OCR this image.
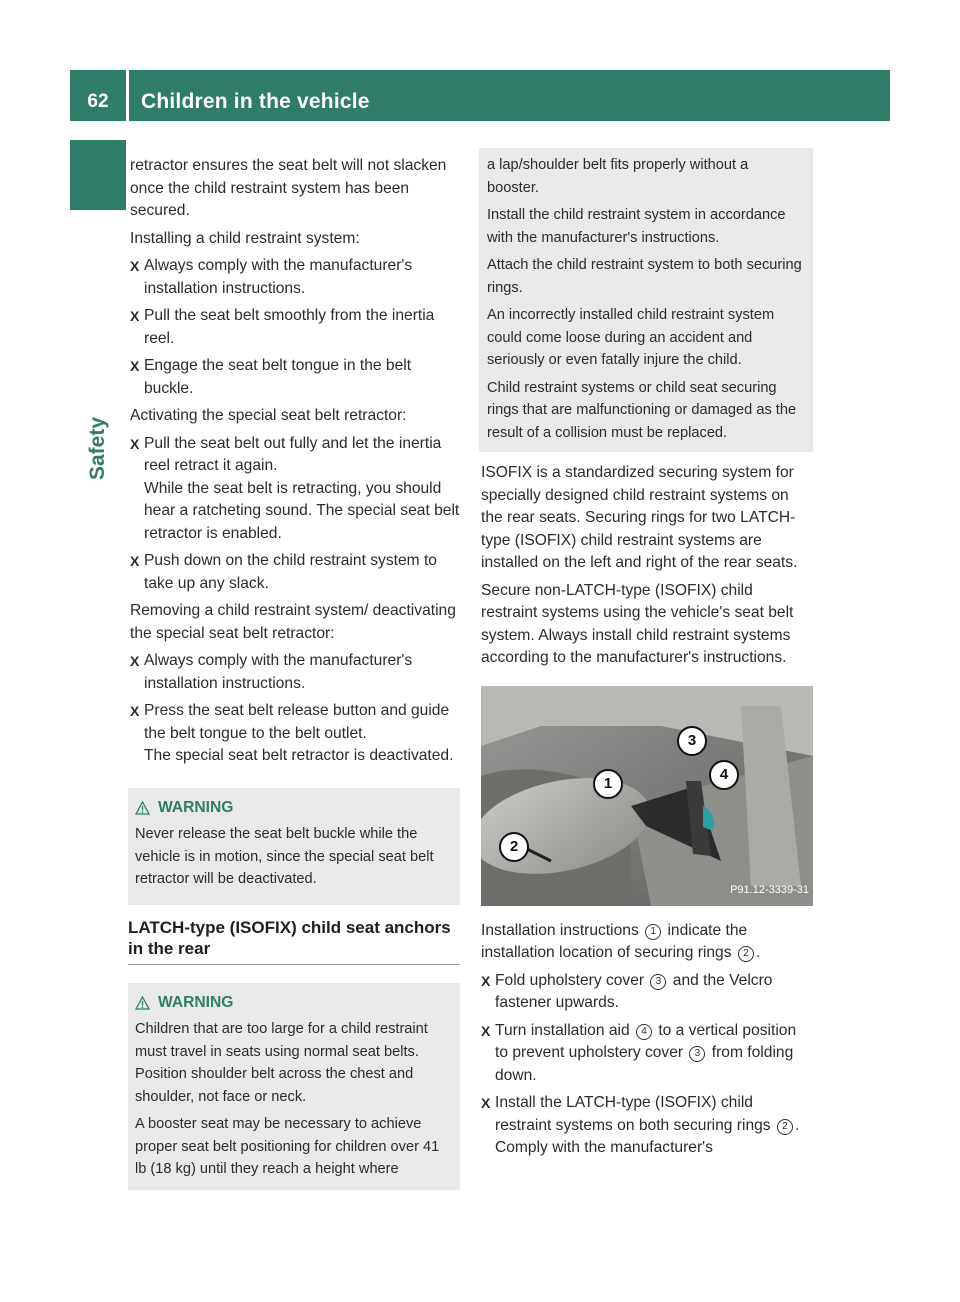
62	Children in the vehicle
Safety

retractor ensures the seat belt will not slacken once the child restraint system has been secured.

Installing a child restraint system:

X Always comply with the manufacturer's installation instructions.
X Pull the seat belt smoothly from the inertia reel.
X Engage the seat belt tongue in the belt buckle.

Activating the special seat belt retractor:

X Pull the seat belt out fully and let the inertia reel retract it again.
While the seat belt is retracting, you should hear a ratcheting sound. The special seat belt retractor is enabled.
X Push down on the child restraint system to take up any slack.

Removing a child restraint system/ deactivating the special seat belt retractor:

X Always comply with the manufacturer's installation instructions.
X Press the seat belt release button and guide the belt tongue to the belt outlet.
The special seat belt retractor is deactivated.
WARNING

Never release the seat belt buckle while the vehicle is in motion, since the special seat belt retractor will be deactivated.

LATCH-type (ISOFIX) child seat anchors in the rear
WARNING

Children that are too large for a child restraint must travel in seats using normal seat belts. Position shoulder belt across the chest and shoulder, not face or neck.

A booster seat may be necessary to achieve proper seat belt positioning for children over 41 lb (18 kg) until they reach a height where

a lap/shoulder belt fits properly without a booster.

Install the child restraint system in accordance with the manufacturer's instructions.

Attach the child restraint system to both securing rings.

An incorrectly installed child restraint system could come loose during an accident and seriously or even fatally injure the child.

Child restraint systems or child seat securing rings that are malfunctioning or damaged as the result of a collision must be replaced.

ISOFIX is a standardized securing system for specially designed child restraint systems on the rear seats. Securing rings for two LATCH-type (ISOFIX) child restraint systems are installed on the left and right of the rear seats.

Secure non-LATCH-type (ISOFIX) child restraint systems using the vehicle's seat belt system. Always install child restraint systems according to the manufacturer's instructions.

1
2
3
4
P91.12-3339-31

Installation instructions 1 indicate the installation location of securing rings 2 .

X Fold upholstery cover 3 and the Velcro fastener upwards.
X Turn installation aid 4 to a vertical position to prevent upholstery cover 3 from folding down.
X Install the LATCH-type (ISOFIX) child restraint systems on both securing rings 2 . Comply with the manufacturer's
